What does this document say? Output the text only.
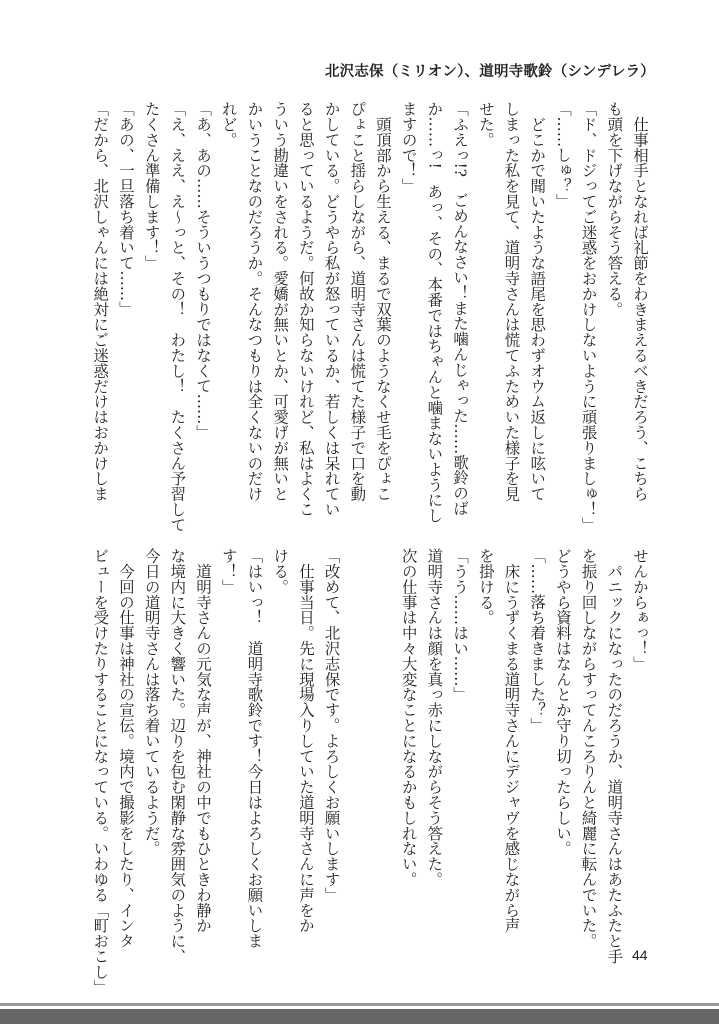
北沢志保（ミリオン）、道明寺歌鈴（シンデレラ）
　仕事相手となれば礼節をわきまえるべきだろう、こちら
も頭を下げながらそう答える。
「ド、ドジってご迷惑をおかけしないように頑張りましゅ！」
「……しゅ？」
　どこかで聞いたような語尾を思わずオウム返しに呟いて
しまった私を見て、道明寺さんは慌てふためいた様子を見
せた。
「ふえっ!?　ごめんなさい！また噛んじゃった……歌鈴のば
か……っ!　あっ、その、本番ではちゃんと噛まないようにし
ますので！」
　頭頂部から生える、まるで双葉のようなくせ毛をぴょこ
ぴょこと揺らしながら、道明寺さんは慌てた様子で口を動
かしている。どうやら私が怒っているか、若しくは呆れてい
ると思っているようだ。何故か知らないけれど、私はよくこ
ういう勘違いをされる。愛嬌が無いとか、可愛げが無いと
かいうことなのだろうか。そんなつもりは全くないのだけ
れど。
「あ、あの……そういうつもりではなくて……」
「え、ええ、え〜っと、その！　わたし！　たくさん予習して
たくさん準備します！」
「あの、一旦落ち着いて……」
「だから、北沢しゃんには絶対にご迷惑だけはおかけしま
せんからぁっ！」
　パニックになったのだろうか、道明寺さんはあたふたと手
を振り回しながらすってんころりんと綺麗に転んでいた。
どうやら資料はなんとか守り切ったらしい。
「……落ち着きました？」
　床にうずくまる道明寺さんにデジャヴを感じながら声
を掛ける。
「うう……はい……」
道明寺さんは顔を真っ赤にしながらそう答えた。
次の仕事は中々大変なことになるかもしれない。
「改めて、北沢志保です。よろしくお願いします」
　仕事当日。先に現場入りしていた道明寺さんに声をか
ける。
「はいっ！　道明寺歌鈴です！今日はよろしくお願いしま
す！」
　道明寺さんの元気な声が、神社の中でもひときわ静か
な境内に大きく響いた。辺りを包む閑静な雰囲気のように、
今日の道明寺さんは落ち着いているようだ。
　今回の仕事は神社の宣伝。境内で撮影をしたり、インタ
ビューを受けたりすることになっている。いわゆる「町おこし」	44
